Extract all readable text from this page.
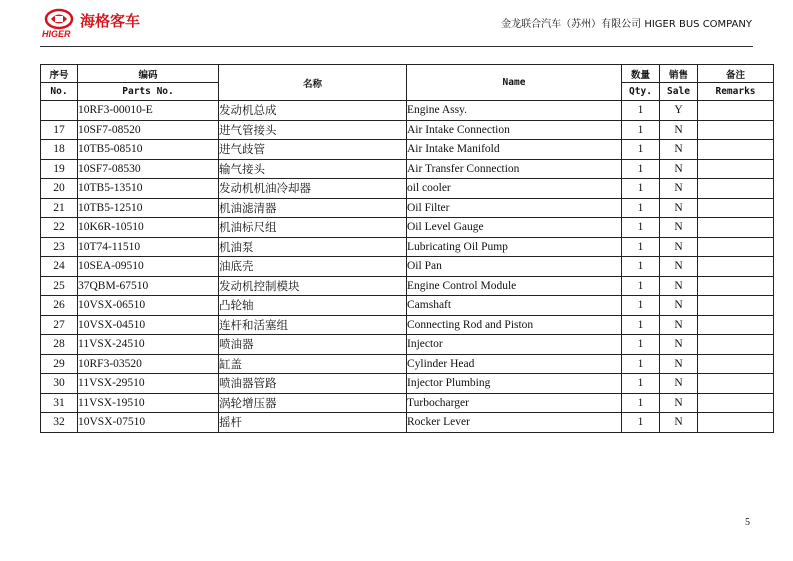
海格客车
HIGER
金龙联合汽车（苏州）有限公司 HIGER BUS COMPANY
序号	编码	名称	Name	数量	销售	备注
No.	Parts No.			Qty.	Sale	Remarks
	10RF3-00010-E	发动机总成	Engine Assy.	1	Y	
17	10SF7-08520	进气管接头	Air Intake Connection	1	N	
18	10TB5-08510	进气歧管	Air Intake Manifold	1	N	
19	10SF7-08530	输气接头	Air Transfer Connection	1	N	
20	10TB5-13510	发动机机油冷却器	oil cooler	1	N	
21	10TB5-12510	机油滤清器	Oil Filter	1	N	
22	10K6R-10510	机油标尺组	Oil Level Gauge	1	N	
23	10T74-11510	机油泵	Lubricating Oil Pump	1	N	
24	10SEA-09510	油底壳	Oil Pan	1	N	
25	37QBM-67510	发动机控制模块	Engine Control Module	1	N	
26	10VSX-06510	凸轮轴	Camshaft	1	N	
27	10VSX-04510	连杆和活塞组	Connecting Rod and Piston	1	N	
28	11VSX-24510	喷油器	Injector	1	N	
29	10RF3-03520	缸盖	Cylinder Head	1	N	
30	11VSX-29510	喷油器管路	Injector Plumbing	1	N	
31	11VSX-19510	涡轮增压器	Turbocharger	1	N	
32	10VSX-07510	摇杆	Rocker Lever	1	N	
5
